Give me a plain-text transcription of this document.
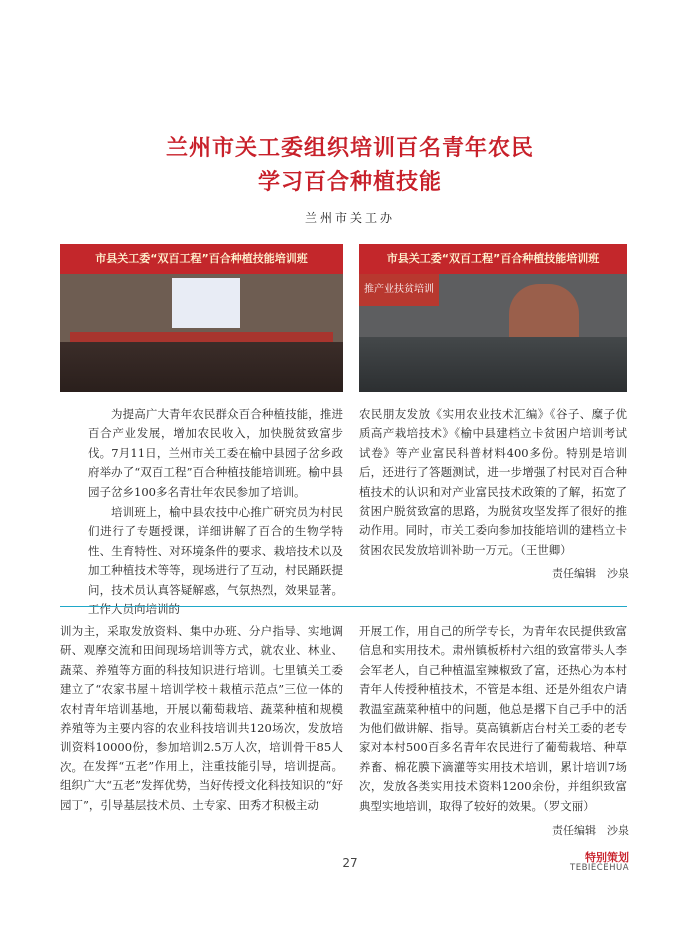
兰州市关工委组织培训百名青年农民
学习百合种植技能
兰州市关工办
市县关工委“双百工程”百合种植技能培训班	市县关工委“双百工程”百合种植技能培训班
推产业扶贫培训

为提高广大青年农民群众百合种植技能，推进百合产业发展，增加农民收入，加快脱贫致富步伐。7月11日，兰州市关工委在榆中县园子岔乡政府举办了“双百工程”百合种植技能培训班。榆中县园子岔乡100多名青壮年农民参加了培训。

培训班上，榆中县农技中心推广研究员为村民们进行了专题授课，详细讲解了百合的生物学特性、生育特性、对环境条件的要求、栽培技术以及加工种植技术等等，现场进行了互动，村民踊跃提问，技术员认真答疑解惑，气氛热烈，效果显著。工作人员向培训的

农民朋友发放《实用农业技术汇编》《谷子、糜子优质高产栽培技术》《榆中县建档立卡贫困户培训考试试卷》等产业富民科普材料400多份。特别是培训后，还进行了答题测试，进一步增强了村民对百合种植技术的认识和对产业富民技术政策的了解，拓宽了贫困户脱贫致富的思路，为脱贫攻坚发挥了很好的推动作用。同时，市关工委向参加技能培训的建档立卡贫困农民发放培训补助一万元。（王世卿）

责任编辑　沙泉

训为主，采取发放资料、集中办班、分户指导、实地调研、观摩交流和田间现场培训等方式，就农业、林业、蔬菜、养殖等方面的科技知识进行培训。七里镇关工委建立了“农家书屋＋培训学校＋栽植示范点”三位一体的农村青年培训基地，开展以葡萄栽培、蔬菜种植和规模养殖等为主要内容的农业科技培训共120场次，发放培训资料10000份，参加培训2.5万人次，培训骨干85人次。 在发挥“五老”作用上，注重技能引导，培训提高。组织广大“五老”发挥优势，当好传授文化科技知识的“好园丁”，引导基层技术员、土专家、田秀才积极主动

开展工作，用自己的所学专长，为青年农民提供致富信息和实用技术。肃州镇板桥村六组的致富带头人李会军老人，自己种植温室辣椒致了富，还热心为本村青年人传授种植技术，不管是本组、还是外组农户请教温室蔬菜种植中的问题，他总是撂下自己手中的活为他们做讲解、指导。莫高镇新店台村关工委的老专家对本村500百多名青年农民进行了葡萄栽培、种草养畜、棉花膜下滴灌等实用技术培训，累计培训7场次，发放各类实用技术资料1200余份，并组织致富典型实地培训，取得了较好的效果。（罗文丽）

责任编辑　沙泉
27	特别策划
TEBIECEHUA
